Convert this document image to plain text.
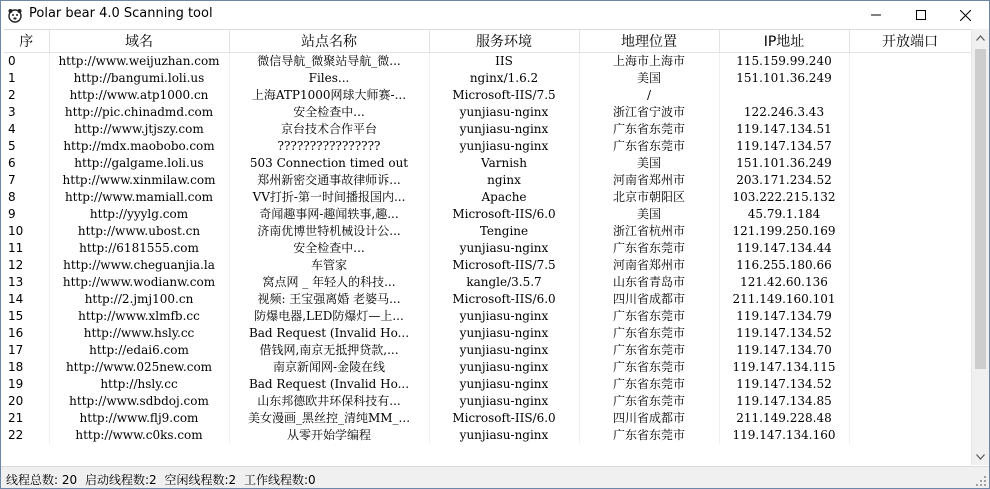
Polar bear 4.0 Scanning tool
序	域名	站点名称	服务环境	地理位置	IP地址	开放端口
0	http://www.weijuzhan.com	微信导航_微聚站导航_微...	IIS	上海市上海市	115.159.99.240	
1	http://bangumi.loli.us	Files...	nginx/1.6.2	美国	151.101.36.249	
2	http://www.atp1000.cn	上海ATP1000网球大师赛-...	Microsoft-IIS/7.5	/		
3	http://pic.chinadmd.com	安全检查中...	yunjiasu-nginx	浙江省宁波市	122.246.3.43	
4	http://www.jtjszy.com	京台技术合作平台	yunjiasu-nginx	广东省东莞市	119.147.134.51	
5	http://mdx.maobobo.com	????????????????	yunjiasu-nginx	广东省东莞市	119.147.134.57	
6	http://galgame.loli.us	503 Connection timed out	Varnish	美国	151.101.36.249	
7	http://www.xinmilaw.com	郑州新密交通事故律师诉...	nginx	河南省郑州市	203.171.234.52	
8	http://www.mamiall.com	VV打折-第一时间播报国内...	Apache	北京市朝阳区	103.222.215.132	
9	http://yyylg.com	奇闻趣事网-趣闻轶事,趣...	Microsoft-IIS/6.0	美国	45.79.1.184	
10	http://www.ubost.cn	济南优博世特机械设计公...	Tengine	浙江省杭州市	121.199.250.169	
11	http://6181555.com	安全检查中...	yunjiasu-nginx	广东省东莞市	119.147.134.44	
12	http://www.cheguanjia.la	车管家	Microsoft-IIS/7.5	河南省郑州市	116.255.180.66	
13	http://www.wodianw.com	窝点网 _ 年轻人的科技...	kangle/3.5.7	山东省青岛市	121.42.60.136	
14	http://2.jmj100.cn	视频: 王宝强离婚 老婆马...	Microsoft-IIS/6.0	四川省成都市	211.149.160.101	
15	http://www.xlmfb.cc	防爆电器,LED防爆灯—上...	yunjiasu-nginx	广东省东莞市	119.147.134.79	
16	http://www.hsly.cc	Bad Request (Invalid Ho...	yunjiasu-nginx	广东省东莞市	119.147.134.52	
17	http://edai6.com	借钱网,南京无抵押贷款,...	yunjiasu-nginx	广东省东莞市	119.147.134.70	
18	http://www.025new.com	南京新闻网-金陵在线	yunjiasu-nginx	广东省东莞市	119.147.134.115	
19	http://hsly.cc	Bad Request (Invalid Ho...	yunjiasu-nginx	广东省东莞市	119.147.134.52	
20	http://www.sdbdoj.com	山东邦德欧井环保科技有...	yunjiasu-nginx	广东省东莞市	119.147.134.85	
21	http://www.flj9.com	美女漫画_黑丝控_清纯MM_...	Microsoft-IIS/6.0	四川省成都市	211.149.228.48	
22	http://www.c0ks.com	从零开始学编程	yunjiasu-nginx	广东省东莞市	119.147.134.160	
线程总数: 20 启动线程数:2 空闲线程数:2 工作线程数:0
